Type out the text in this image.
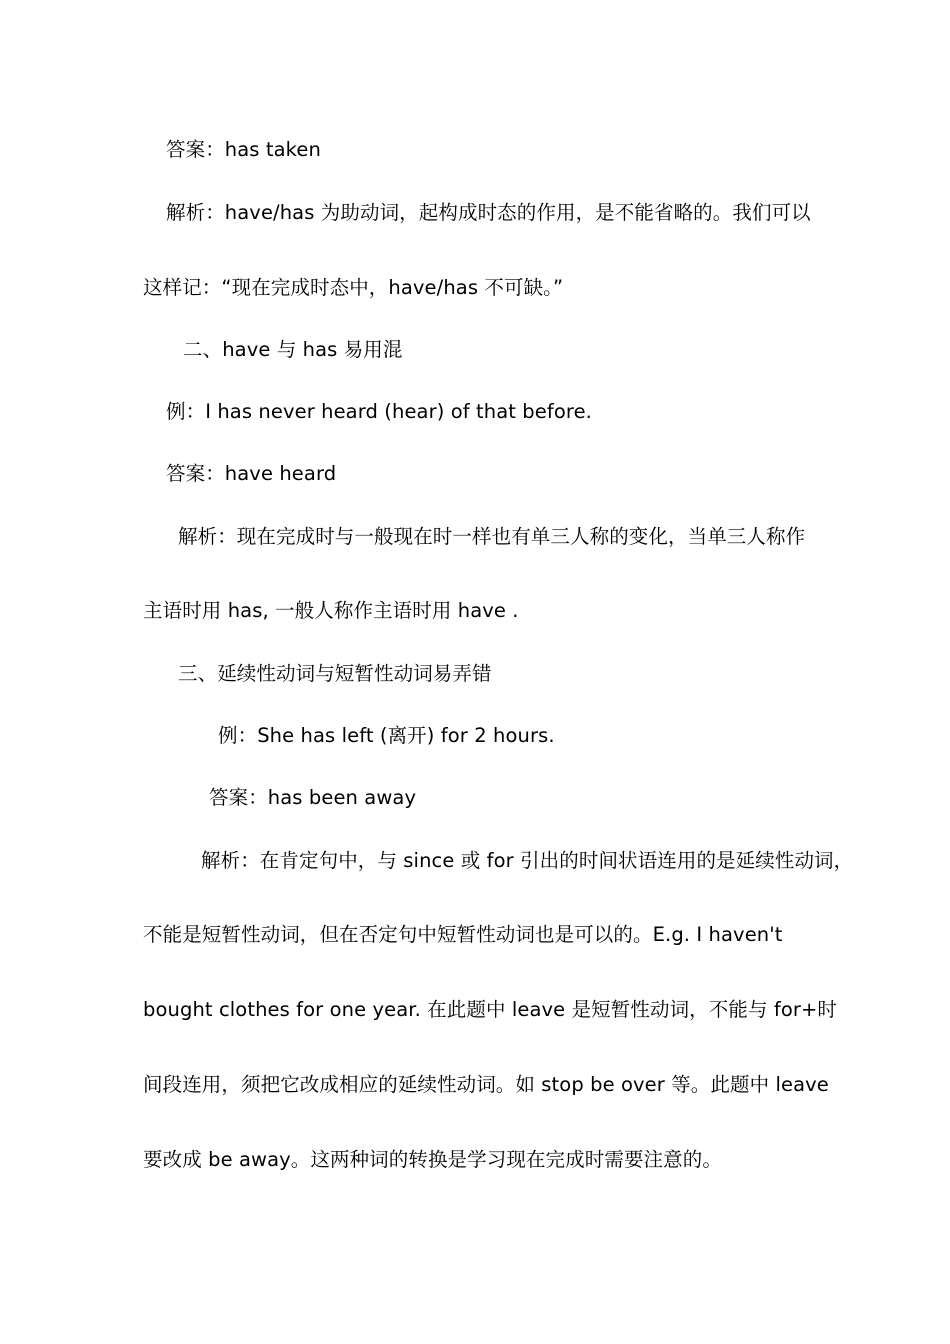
答案：has taken
解析：have/has 为助动词，起构成时态的作用，是不能省略的。我们可以
这样记：“现在完成时态中，have/has 不可缺。”
二、have 与 has 易用混
例：I has never heard (hear) of that before.
答案：have heard
解析：现在完成时与一般现在时一样也有单三人称的变化，当单三人称作
主语时用 has, 一般人称作主语时用 have .
三、延续性动词与短暂性动词易弄错
例：She has left (离开) for 2 hours.
答案：has been away
解析：在肯定句中，与 since 或 for 引出的时间状语连用的是延续性动词，
不能是短暂性动词，但在否定句中短暂性动词也是可以的。E.g. I haven't
bought clothes for one year. 在此题中 leave 是短暂性动词，不能与 for+时
间段连用，须把它改成相应的延续性动词。如 stop be over 等。此题中 leave
要改成 be away。这两种词的转换是学习现在完成时需要注意的。
